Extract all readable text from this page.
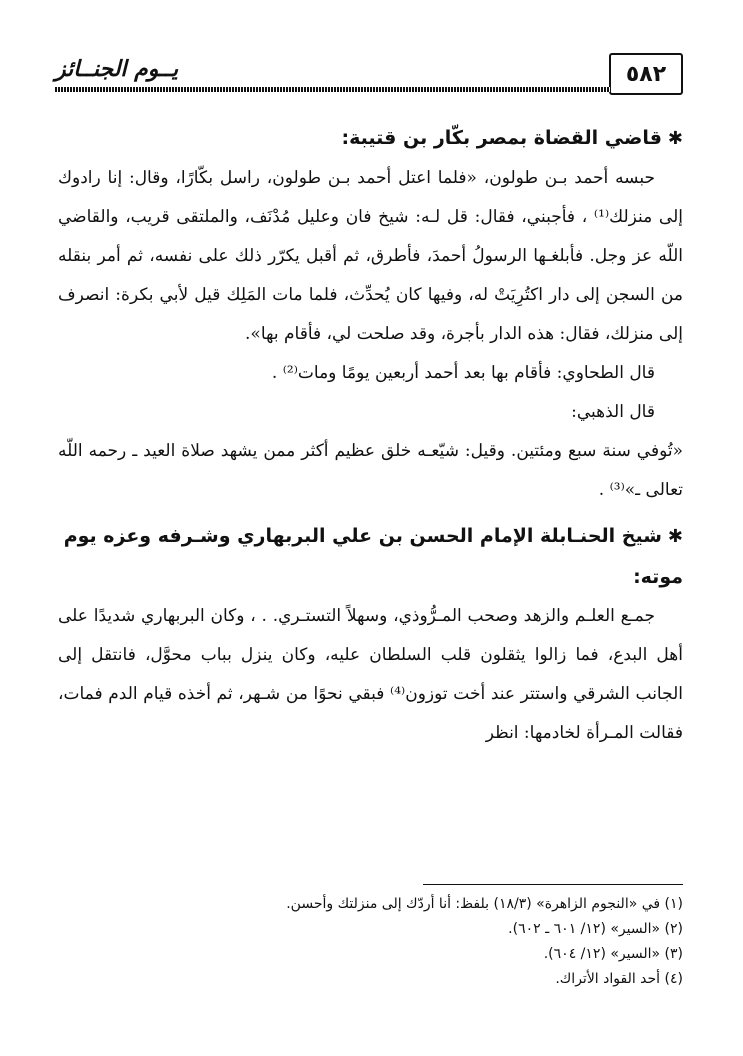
٥٨٢
يــوم الجنــائز
✱قاضي القضاة بمصر بكّار بن قتيبة:

حبسه أحمد بـن طولون، «فلما اعتل أحمد بـن طولون، راسل بكّارًا، وقال: إنا رادوك إلى منزلك⁽¹⁾ ، فأجبني، فقال: قل لـه: شيخ فان وعليل مُدْنَف، والملتقى قريب، والقاضي اللّه عز وجل. فأبلغـها الرسولُ أحمدَ، فأطرق، ثم أقبل يكرّر ذلك على نفسه، ثم أمر بنقله من السجن إلى دار اكتُرِيَتْ له، وفيها كان يُحدِّث، فلما مات المَلِك قيل لأبي بكرة: انصرف إلى منزلك، فقال: هذه الدار بأجرة، وقد صلحت لي، فأقام بها».

قال الطحاوي: فأقام بها بعد أحمد أربعين يومًا ومات⁽²⁾ .

قال الذهبي:

«تُوفي سنة سبع ومئتين. وقيل: شيّعـه خلق عظيم أكثر ممن يشهد صلاة العيد ـ رحمه اللّه تعالى ـ»⁽³⁾ .

✱شيخ الحنـابلة الإمام الحسن بن علي البربهاري وشـرفه وعزه يوم موته:

جمـع العلـم والزهد وصحب المـرُّوذي، وسهلاً التستـري. . ، وكان البربهاري شديدًا على أهل البدع، فما زالوا يثقلون قلب السلطان عليه، وكان ينزل بباب محوَّل، فانتقل إلى الجانب الشرقي واستتر عند أخت توزون⁽⁴⁾ فبقي نحوًا من شـهر، ثم أخذه قيام الدم فمات، فقالت المـرأة لخادمها: انظر

(١) في «النجوم الزاهرة» (١٨/٣) بلفظ: أنا أردّك إلى منزلتك وأحسن.

(٢) «السير» (١٢/ ٦٠١ ـ ٦٠٢).

(٣) «السير» (١٢/ ٦٠٤).

(٤) أحد القواد الأتراك.
